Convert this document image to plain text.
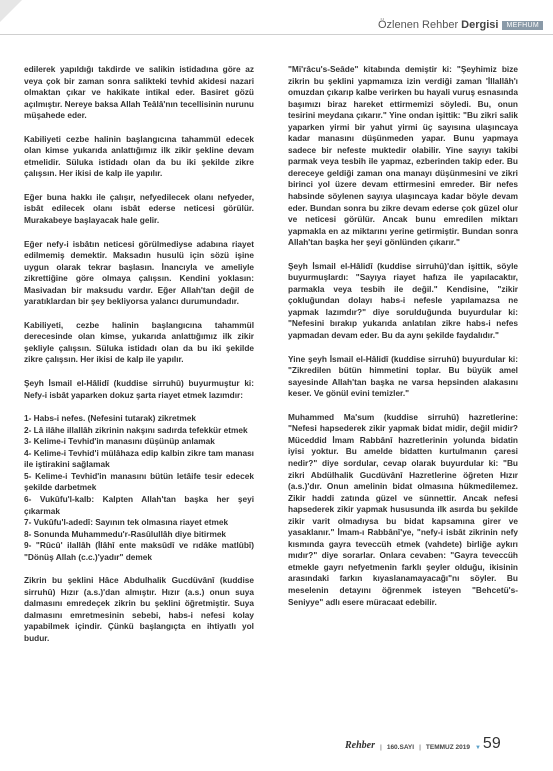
Özlenen Rehber Dergisi	MEFHUM

edilerek yapıldığı takdirde ve salikin istidadına göre az veya çok bir zaman sonra salikteki tevhid akidesi nazari olmaktan çıkar ve hakikate intikal eder. Basiret gözü açılmıştır. Nereye baksa Allah Teâlâ'nın tecellisinin nurunu müşahede eder.

Kabiliyeti cezbe halinin başlangıcına tahammül edecek olan kimse yukarıda anlattığımız ilk zikir şekline devam etmelidir. Süluka istidadı olan da bu iki şekilde zikre çalışsın. Her ikisi de kalp ile yapılır.

Eğer buna hakkı ile çalışır, nefyedilecek olanı nefyeder, isbât edilecek olanı isbât ederse neticesi görülür. Murakabeye başlayacak hale gelir.

Eğer nefy-i isbâtın neticesi görülmediyse adabına riayet edilmemiş demektir. Maksadın husulü için sözü işine uygun olarak tekrar başlasın. İnancıyla ve ameliyle zikrettiğine göre olmaya çalışsın. Kendini yoklasın: Masivadan bir maksudu vardır. Eğer Allah'tan değil de yaratıklardan bir şey bekliyorsa yalancı durumundadır.

Kabiliyeti, cezbe halinin başlangıcına tahammül derecesinde olan kimse, yukarıda anlattığımız ilk zikir şekliyle çalışsın. Süluka istidadı olan da bu iki şekilde zikre çalışsın. Her ikisi de kalp ile yapılır.

Şeyh İsmail el-Hâlidî (kuddise sirruhû) buyurmuştur ki: Nefy-i isbât yaparken dokuz şarta riayet etmek lazımdır:

1- Habs-i nefes. (Nefesini tutarak) zikretmek
2- Lâ ilâhe illallâh zikrinin nakşını sadırda tefekkür etmek
3- Kelime-i Tevhid'in manasını düşünüp anlamak
4- Kelime-i Tevhid'i mülâhaza edip kalbin zikre tam manası ile iştirakini sağlamak
5- Kelime-i Tevhid'in manasını bütün letâife tesir edecek şekilde darbetmek
6- Vukûfu'l-kalb: Kalpten Allah'tan başka her şeyi çıkarmak
7- Vukûfu'l-adedî: Sayının tek olmasına riayet etmek
8- Sonunda Muhammedu'r-Rasûlullâh diye bitirmek
9- "Rûcû' ilallâh (İlâhî ente maksûdî ve rıdâke matlûbî) "Dönüş Allah (c.c.)'yadır" demek

Zikrin bu şeklini Hâce Abdulhalik Gucdüvânî (kuddise sirruhû) Hızır (a.s.)'dan almıştır. Hızır (a.s.) onun suya dalmasını emredeçek zikrin bu şeklini öğretmiştir. Suya dalmasını emretmesinin sebebi, habs-i nefesi kolay yapabilmek içindir. Çünkü başlangıçta en ihtiyatlı yol budur.

"Mi'râcu's-Seâde" kitabında demiştir ki: "Şeyhimiz bize zikrin bu şeklini yapmamıza izin verdiği zaman 'İllallâh'ı omuzdan çıkarıp kalbe verirken bu hayali vuruş esnasında başımızı biraz hareket ettirmemizi söyledi. Bu, onun tesirini meydana çıkarır." Yine ondan işittik: "Bu zikri salik yaparken yirmi bir yahut yirmi üç sayısına ulaşıncaya kadar manasını düşünmeden yapar. Bunu yapmaya sadece bir nefeste muktedir olabilir. Yine sayıyı takibi parmak veya tesbih ile yapmaz, ezberinden takip eder. Bu dereceye geldiği zaman ona manayı düşünmesini ve zikri birinci yol üzere devam ettirmesini emreder. Bir nefes habsinde söylenen sayıya ulaşıncaya kadar böyle devam eder. Bundan sonra bu zikre devam ederse çok güzel olur ve neticesi görülür. Ancak bunu emredilen miktarı yapmakla en az miktarını yerine getirmiştir. Bundan sonra Allah'tan başka her şeyi gönlünden çıkarır."

Şeyh İsmail el-Hâlidî (kuddise sirruhû)'dan işittik, söyle buyurmuşlardı: "Sayıya riayet hafıza ile yapılacaktır, parmakla veya tesbih ile değil." Kendisine, "zikir çokluğundan dolayı habs-i nefesle yapılamazsa ne yapmak lazımdır?" diye sorulduğunda buyurdular ki: "Nefesini bırakıp yukarıda anlatılan zikre habs-i nefes yapmadan devam eder. Bu da aynı şekilde faydalıdır."

Yine şeyh İsmail el-Hâlidî (kuddise sirruhû) buyurdular ki: "Zikredilen bütün himmetini toplar. Bu büyük amel sayesinde Allah'tan başka ne varsa hepsinden alakasını keser. Ve gönül evini temizler."

Muhammed Ma'sum (kuddise sirruhû) hazretlerine: "Nefesi hapsederek zikir yapmak bidat midir, değil midir? Müceddid İmam Rabbânî hazretlerinin yolunda bidatin iyisi yoktur. Bu amelde bidatten kurtulmanın çaresi nedir?" diye sordular, cevap olarak buyurdular ki: "Bu zikri Abdülhalik Gucdüvânî Hazretlerine öğreten Hızır (a.s.)'dır. Onun amelinin bidat olmasına hükmedilemez. Zikir haddi zatında güzel ve sünnettir. Ancak nefesi hapsederek zikir yapmak hususunda ilk asırda bu şekilde zikir varit olmadıysa bu bidat kapsamına girer ve yasaklanır." İmam-ı Rabbânî'ye, "nefy-i isbât zikrinin nefy kısmında gayra teveccüh etmek (vahdete) birliğe aykırı mıdır?" diye sorarlar. Onlara cevaben: "Gayra teveccüh etmekle gayrı nefyetmenin farklı şeyler olduğu, ikisinin arasındaki farkın kıyaslanamayacağı"nı söyler. Bu meselenin detayını öğrenmek isteyen "Behcetü's-Seniyye" adlı esere müracaat edebilir.

Rehber | 160.SAYI | TEMMUZ 2019 ▼ 59
